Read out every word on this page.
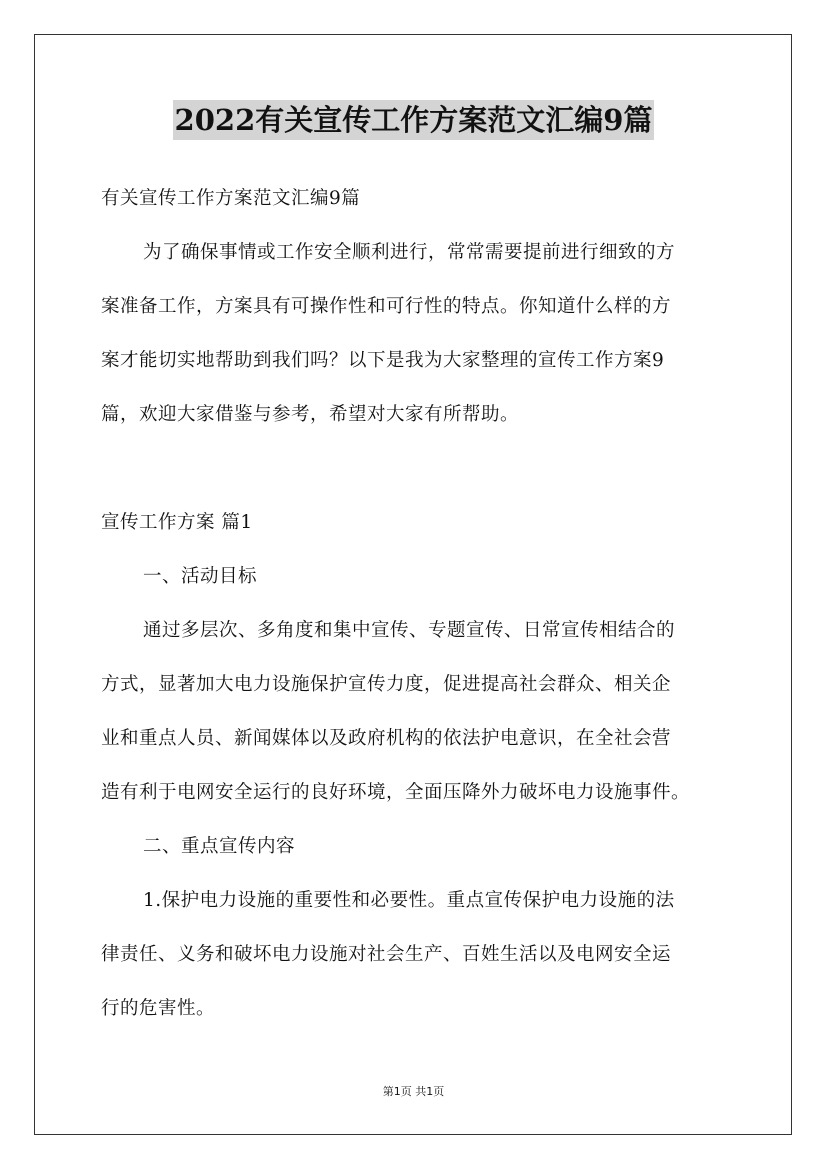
2022有关宣传工作方案范文汇编9篇
有关宣传工作方案范文汇编9篇
为了确保事情或工作安全顺利进行，常常需要提前进行细致的方
案准备工作，方案具有可操作性和可行性的特点。你知道什么样的方
案才能切实地帮助到我们吗？以下是我为大家整理的宣传工作方案9
篇，欢迎大家借鉴与参考，希望对大家有所帮助。
宣传工作方案 篇1
一、活动目标
通过多层次、多角度和集中宣传、专题宣传、日常宣传相结合的
方式，显著加大电力设施保护宣传力度，促进提高社会群众、相关企
业和重点人员、新闻媒体以及政府机构的依法护电意识，在全社会营
造有利于电网安全运行的良好环境，全面压降外力破坏电力设施事件。
二、重点宣传内容
1.保护电力设施的重要性和必要性。重点宣传保护电力设施的法
律责任、义务和破坏电力设施对社会生产、百姓生活以及电网安全运
行的危害性。
第1页 共1页
